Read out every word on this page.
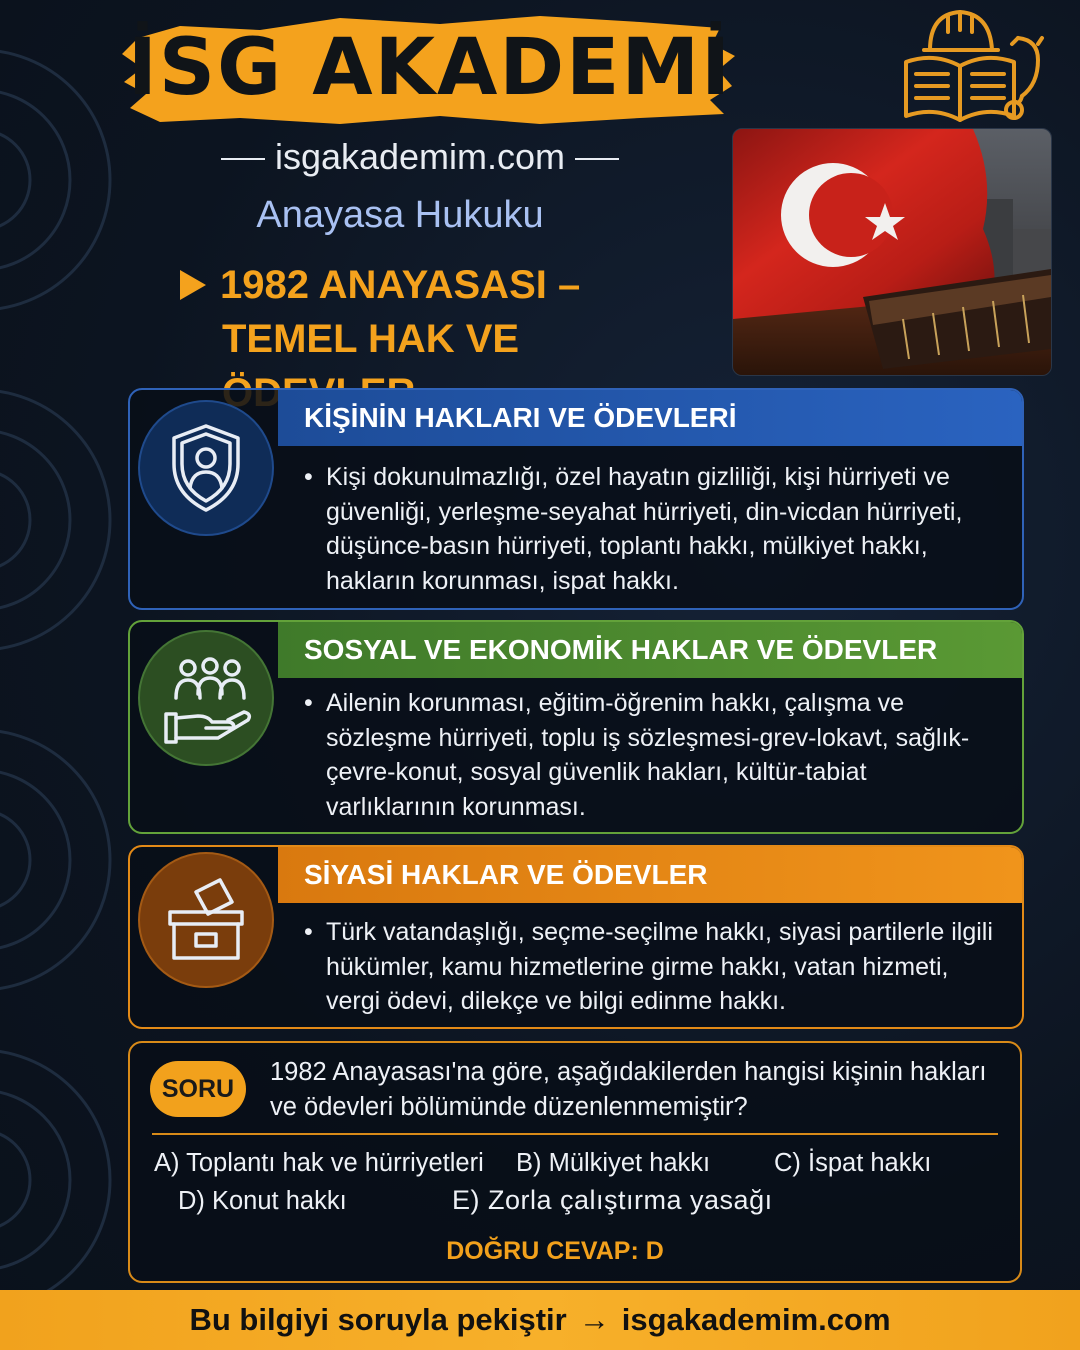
İSG AKADEMİ
isgakademim.com
Anayasa Hukuku
1982 ANAYASASI –
TEMEL HAK VE
KİŞİNİN HAKLARI VE ÖDEVLERİ
• Kişi dokunulmazlığı, özel hayatın gizliliği, kişi hürriyeti ve güvenliği, yerleşme-seyahat hürriyeti, din-vicdan hürriyeti, düşünce-basın hürriyeti, toplantı hakkı, mülkiyet hakkı, hakların korunması, ispat hakkı.
SOSYAL VE EKONOMİK HAKLAR VE ÖDEVLER
• Ailenin korunması, eğitim-öğrenim hakkı, çalışma ve sözleşme hürriyeti, toplu iş sözleşmesi-grev-lokavt, sağlık-çevre-konut, sosyal güvenlik hakları, kültür-tabiat varlıklarının korunması.
SİYASİ HAKLAR VE ÖDEVLER
• Türk vatandaşlığı, seçme-seçilme hakkı, siyasi partilerle ilgili hükümler, kamu hizmetlerine girme hakkı, vatan hizmeti, vergi ödevi, dilekçe ve bilgi edinme hakkı.
SORU
1982 Anayasası'na göre, aşağıdakilerden hangisi kişinin hakları ve ödevleri bölümünde düzenlenmemiştir?
A) Toplantı hak ve hürriyetleri B) Mülkiyet hakkı	C) İspat hakkı
D) Konut hakkı	E) Zorla çalıştırma yasağı
DOĞRU CEVAP: D
Bu bilgiyi soruyla pekiştir → isgakademim.com
